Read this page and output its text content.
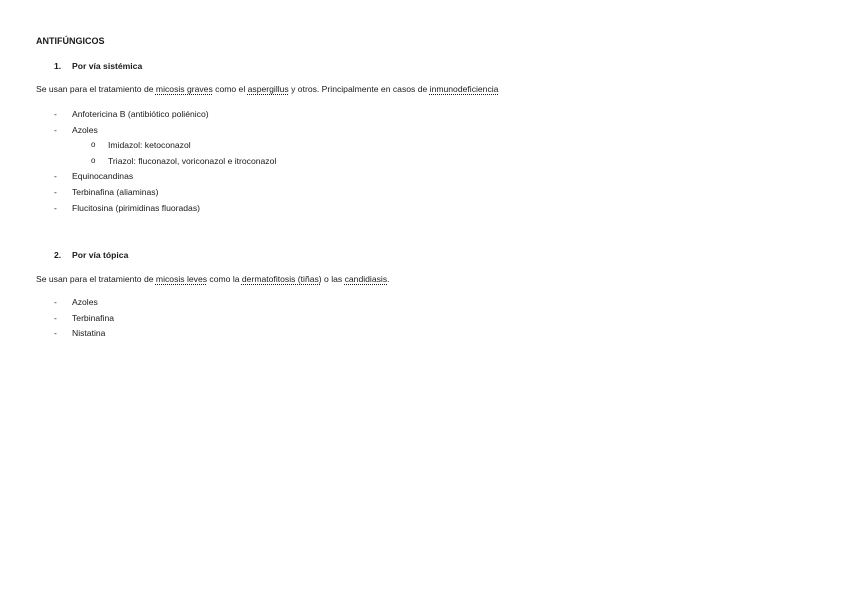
ANTIFÚNGICOS
1. Por vía sistémica
Se usan para el tratamiento de micosis graves como el aspergillus y otros. Principalmente en casos de inmunodeficiencia
-	Anfotericina B (antibiótico poliénico)
-	Azoles
o Imidazol: ketoconazol
o Triazol: fluconazol, voriconazol e itroconazol
-	Equinocandinas
-	Terbinafina (aliaminas)
-	Flucitosina (pirimidinas fluoradas)
2. Por vía tópica
Se usan para el tratamiento de micosis leves como la dermatofitosis (tiñas) o las candidiasis.
-	Azoles
-	Terbinafina
-	Nistatina
